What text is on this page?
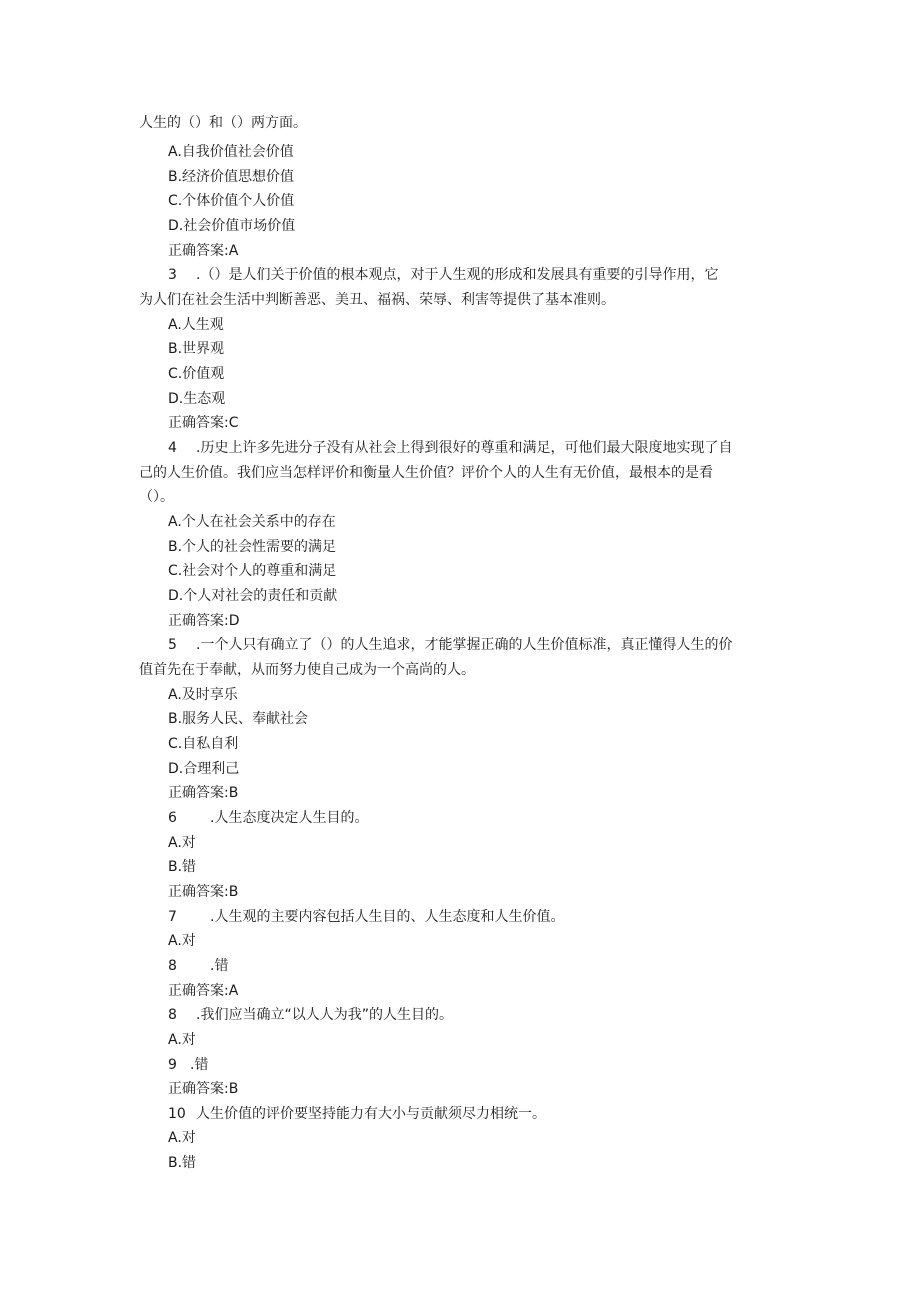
人生的（）和（）两方面。
A.自我价值社会价值
B.经济价值思想价值
C.个体价值个人价值
D.社会价值市场价值
正确答案:A
3 .（）是人们关于价值的根本观点，对于人生观的形成和发展具有重要的引导作用，它
为人们在社会生活中判断善恶、美丑、福祸、荣辱、利害等提供了基本准则。
A.人生观
B.世界观
C.价值观
D.生态观
正确答案:C
4 .历史上许多先进分子没有从社会上得到很好的尊重和满足，可他们最大限度地实现了自
己的人生价值。我们应当怎样评价和衡量人生价值？评价个人的人生有无价值，最根本的是看
（）。
A.个人在社会关系中的存在
B.个人的社会性需要的满足
C.社会对个人的尊重和满足
D.个人对社会的责任和贡献
正确答案:D
5 .一个人只有确立了（）的人生追求，才能掌握正确的人生价值标准，真正懂得人生的价
值首先在于奉献，从而努力使自己成为一个高尚的人。
A.及时享乐
B.服务人民、奉献社会
C.自私自利
D.合理利己
正确答案:B
6 .人生态度决定人生目的。
A.对
B.错
正确答案:B
7 .人生观的主要内容包括人生目的、人生态度和人生价值。
A.对
8 .错
正确答案:A
8 .我们应当确立“以人人为我”的人生目的。
A.对
9 .错
正确答案:B
10 人生价值的评价要坚持能力有大小与贡献须尽力相统一。
A.对
B.错
